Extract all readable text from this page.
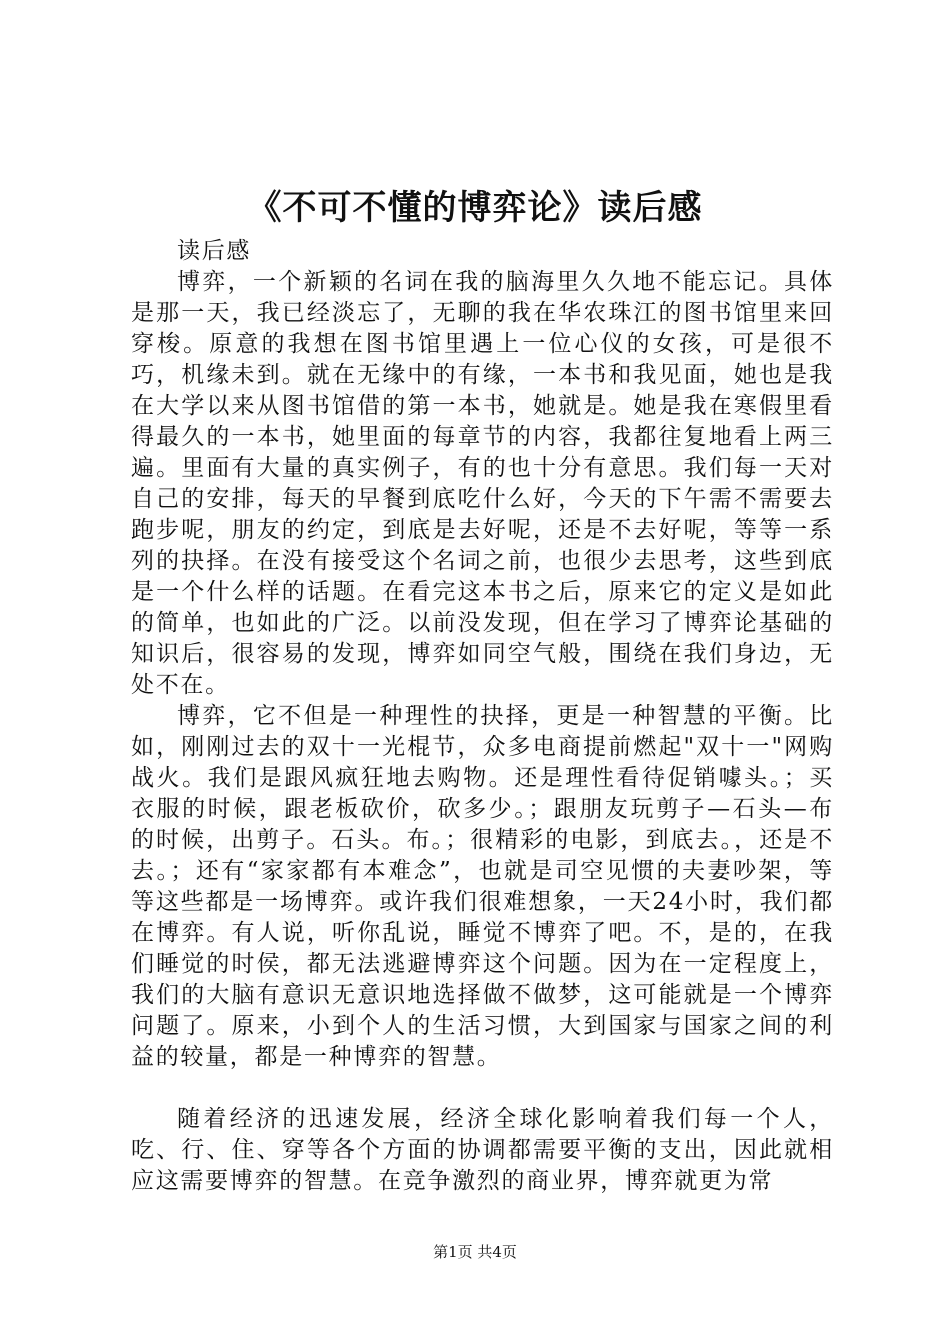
《不可不懂的博弈论》读后感

读后感

博弈，一个新颖的名词在我的脑海里久久地不能忘记。具体是那一天，我已经淡忘了，无聊的我在华农珠江的图书馆里来回穿梭。原意的我想在图书馆里遇上一位心仪的女孩，可是很不巧，机缘未到。就在无缘中的有缘，一本书和我见面，她也是我在大学以来从图书馆借的第一本书，她就是。她是我在寒假里看得最久的一本书，她里面的每章节的内容，我都往复地看上两三遍。里面有大量的真实例子，有的也十分有意思。我们每一天对自己的安排，每天的早餐到底吃什么好，今天的下午需不需要去跑步呢，朋友的约定，到底是去好呢，还是不去好呢，等等一系列的抉择。在没有接受这个名词之前，也很少去思考，这些到底是一个什么样的话题。在看完这本书之后，原来它的定义是如此的简单，也如此的广泛。以前没发现，但在学习了博弈论基础的知识后，很容易的发现，博弈如同空气般，围绕在我们身边，无处不在。

博弈，它不但是一种理性的抉择，更是一种智慧的平衡。比如，刚刚过去的双十一光棍节，众多电商提前燃起"双十一"网购战火。我们是跟风疯狂地去购物。还是理性看待促销噱头。；买衣服的时候，跟老板砍价，砍多少。；跟朋友玩剪子—石头—布的时候，出剪子。石头。布。；很精彩的电影，到底去。，还是不去。；还有“家家都有本难念”，也就是司空见惯的夫妻吵架，等等这些都是一场博弈。或许我们很难想象，一天24小时，我们都在博弈。有人说，听你乱说，睡觉不博弈了吧。不，是的，在我们睡觉的时侯，都无法逃避博弈这个问题。因为在一定程度上，我们的大脑有意识无意识地选择做不做梦，这可能就是一个博弈问题了。原来，小到个人的生活习惯，大到国家与国家之间的利益的较量，都是一种博弈的智慧。

随着经济的迅速发展，经济全球化影响着我们每一个人，吃、行、住、穿等各个方面的协调都需要平衡的支出，因此就相应这需要博弈的智慧。在竞争激烈的商业界，博弈就更为常

第1页 共4页
